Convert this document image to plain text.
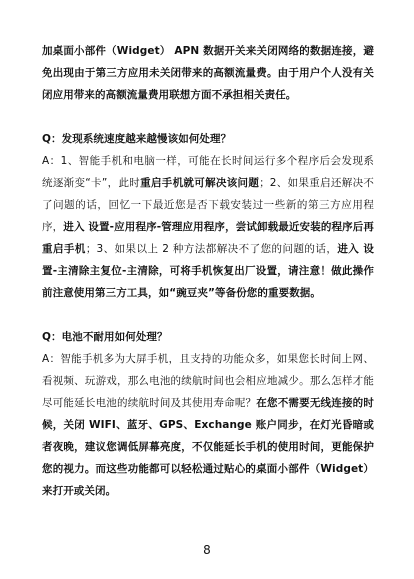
加桌面小部件（Widget） APN 数据开关来关闭网络的数据连接，避免出现由于第三方应用未关闭带来的高额流量费。由于用户个人没有关闭应用带来的高额流量费用联想方面不承担相关责任。

Q：发现系统速度越来越慢该如何处理？

A：1、智能手机和电脑一样，可能在长时间运行多个程序后会发现系统逐渐变“卡”，此时重启手机就可解决该问题；2、如果重启还解决不了问题的话，回忆一下最近您是否下载安装过一些新的第三方应用程序，进入 设置-应用程序-管理应用程序，尝试卸载最近安装的程序后再重启手机；3、如果以上 2 种方法都解决不了您的问题的话，进入 设置-主清除主复位-主清除，可将手机恢复出厂设置，请注意！做此操作前注意使用第三方工具，如“豌豆夹”等备份您的重要数据。

Q：电池不耐用如何处理？

A：智能手机多为大屏手机，且支持的功能众多，如果您长时间上网、看视频、玩游戏，那么电池的续航时间也会相应地减少。那么怎样才能尽可能延长电池的续航时间及其使用寿命呢？在您不需要无线连接的时候，关闭 WIFI、蓝牙、GPS、Exchange 账户同步，在灯光昏暗或者夜晚，建议您调低屏幕亮度，不仅能延长手机的使用时间，更能保护您的视力。而这些功能都可以轻松通过贴心的桌面小部件（Widget）来打开或关闭。

8
